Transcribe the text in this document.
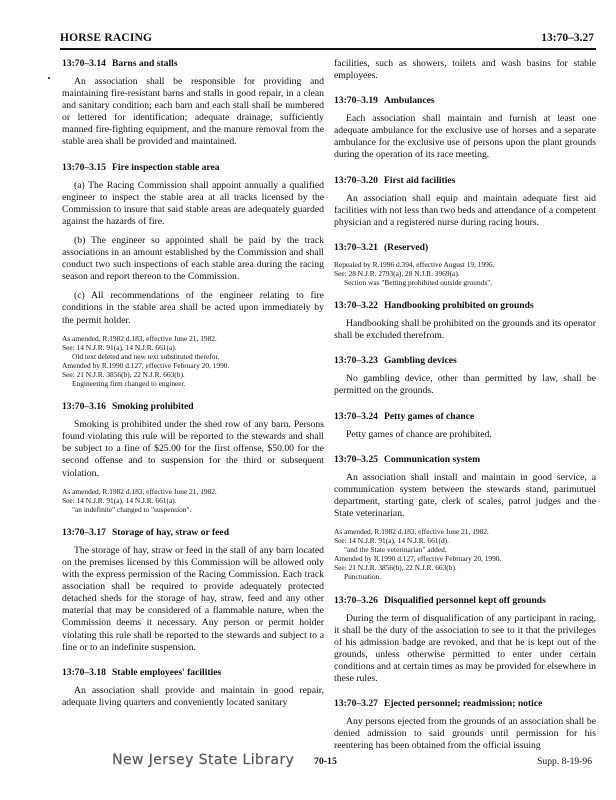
HORSE RACING	13:70–3.27
13:70–3.14 Barns and stalls

An association shall be responsible for providing and maintaining fire-resistant barns and stalls in good repair, in a clean and sanitary condition; each barn and each stall shall be numbered or lettered for identification; adequate drainage, sufficiently manned fire-fighting equipment, and the manure removal from the stable area shall be provided and maintained.

13:70–3.15 Fire inspection stable area

(a) The Racing Commission shall appoint annually a qualified engineer to inspect the stable area at all tracks licensed by the Commission to insure that said stable areas are adequately guarded against the hazards of fire.

(b) The engineer so appointed shall be paid by the track associations in an amount established by the Commission and shall conduct two such inspections of each stable area during the racing season and report thereon to the Commission.

(c) All recommendations of the engineer relating to fire conditions in the stable area shall be acted upon immediately by the permit holder.

As amended, R.1982 d.183, effective June 21, 1982.
See: 14 N.J.R. 91(a), 14 N.J.R. 661(a).
Old text deleted and new text substituted therefor.
Amended by R.1990 d.127, effective February 20, 1990.
See: 21 N.J.R. 3856(b), 22 N.J.R. 663(b).
Engineering firm changed to engineer.
13:70–3.16 Smoking prohibited

Smoking is prohibited under the shed row of any barn. Persons found violating this rule will be reported to the stewards and shall be subject to a fine of $25.00 for the first offense, $50.00 for the second offense and to suspension for the third or subsequent violation.

As amended, R.1982 d.183, effective June 21, 1982.
See: 14 N.J.R. 91(a), 14 N.J.R. 661(a).
"an indefinite" changed to "suspension".
13:70–3.17 Storage of hay, straw or feed

The storage of hay, straw or feed in the stall of any barn located on the premises licensed by this Commission will be allowed only with the express permission of the Racing Commission. Each track association shall be required to provide adequately protected detached sheds for the storage of hay, straw, feed and any other material that may be considered of a flammable nature, when the Commission deems it necessary. Any person or permit holder violating this rule shall be reported to the stewards and subject to a fine or to an indefinite suspension.

13:70–3.18 Stable employees' facilities

An association shall provide and maintain in good repair, adequate living quarters and conveniently located sanitary

facilities, such as showers, toilets and wash basins for stable employees.

13:70–3.19 Ambulances

Each association shall maintain and furnish at least one adequate ambulance for the exclusive use of horses and a separate ambulance for the exclusive use of persons upon the plant grounds during the operation of its race meeting.

13:70–3.20 First aid facilities

An association shall equip and maintain adequate first aid facilities with not less than two beds and attendance of a competent physician and a registered nurse during racing hours.

13:70–3.21 (Reserved)
Repealed by R.1996 d.394, effective August 19, 1996.
See: 28 N.J.R. 2793(a), 28 N.J.R. 3969(a).
Section was "Betting prohibited outside grounds".
13:70–3.22 Handbooking prohibited on grounds

Handbooking shall be prohibited on the grounds and its operator shall be excluded therefrom.

13:70–3.23 Gambling devices

No gambling device, other than permitted by law, shall be permitted on the grounds.

13:70–3.24 Petty games of chance

Petty games of chance are prohibited.

13:70–3.25 Communication system

An association shall install and maintain in good service, a communication system between the stewards stand, parimutuel department, starting gate, clerk of scales, patrol judges and the State veterinarian.

As amended, R.1982 d.183, effective June 21, 1982.
See: 14 N.J.R. 91(a), 14 N.J.R. 661(d).
"and the State veterinarian" added.
Amended by R.1990 d.127, effective February 20, 1990.
See: 21 N.J.R. 3856(b), 22 N.J.R. 663(b).
Punctuation.
13:70–3.26 Disqualified personnel kept off grounds

During the term of disqualification of any participant in racing, it shall be the duty of the association to see to it that the privileges of his admission badge are revoked, and that he is kept out of the grounds, unless otherwise permitted to enter under certain conditions and at certain times as may be provided for elsewhere in these rules.

13:70–3.27 Ejected personnel; readmission; notice

Any persons ejected from the grounds of an association shall be denied admission to said grounds until permission for his reentering has been obtained from the official issuing

New Jersey State Library 70-15	Supp. 8-19-96
